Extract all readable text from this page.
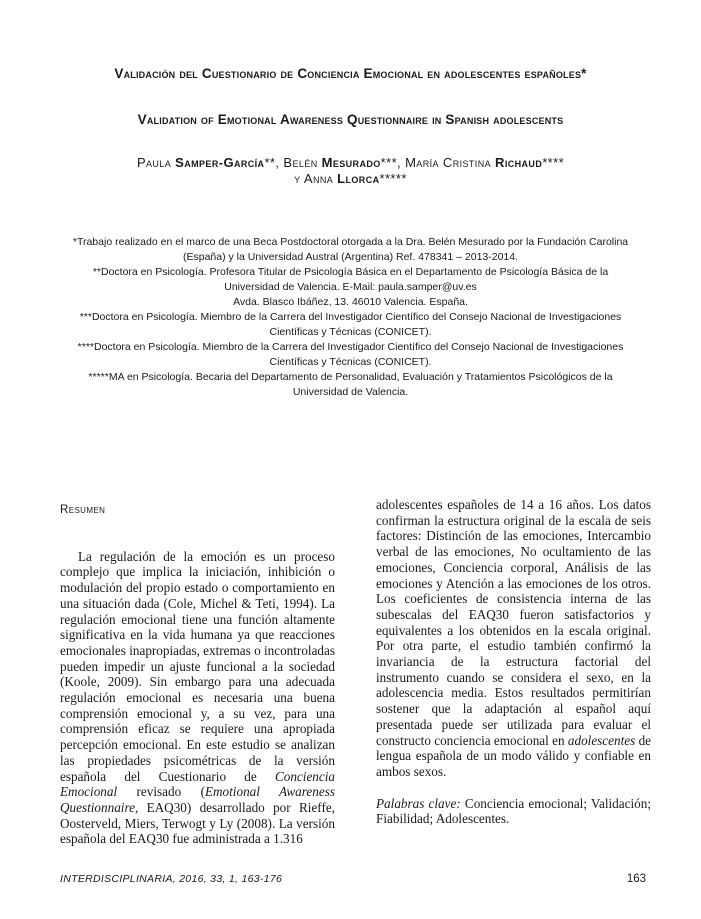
Validación del Cuestionario de Conciencia Emocional en adolescentes españoles*
Validation of Emotional Awareness Questionnaire in Spanish adolescents
Paula Samper-García**, Belén Mesurado***, María Cristina Richaud****
y Anna Llorca*****
*Trabajo realizado en el marco de una Beca Postdoctoral otorgada a la Dra. Belén Mesurado por la Fundación Carolina
(España) y la Universidad Austral (Argentina) Ref. 478341 – 2013-2014.
**Doctora en Psicología. Profesora Titular de Psicología Básica en el Departamento de Psicología Básica de la
Universidad de Valencia. E-Mail: paula.samper@uv.es
Avda. Blasco Ibáñez, 13. 46010 Valencia. España.
***Doctora en Psicología. Miembro de la Carrera del Investigador Científico del Consejo Nacional de Investigaciones
Científicas y Técnicas (CONICET).
****Doctora en Psicología. Miembro de la Carrera del Investigador Científico del Consejo Nacional de Investigaciones
Científicas y Técnicas (CONICET).
*****MA en Psicología. Becaria del Departamento de Personalidad, Evaluación y Tratamientos Psicológicos de la
Universidad de Valencia.
Resumen

La regulación de la emoción es un proceso complejo que implica la iniciación, inhibición o modulación del propio estado o comportamiento en una situación dada (Cole, Michel & Teti, 1994). La regulación emocional tiene una función altamente significativa en la vida humana ya que reacciones emocionales inapropiadas, extremas o incontroladas pueden impedir un ajuste funcional a la sociedad (Koole, 2009). Sin embargo para una adecuada regulación emocional es necesaria una buena comprensión emocional y, a su vez, para una comprensión eficaz se requiere una apropiada percepción emocional. En este estudio se analizan las propiedades psicométricas de la versión española del Cuestionario de Conciencia Emocional revisado (Emotional Awareness Questionnaire, EAQ30) desarrollado por Rieffe, Oosterveld, Miers, Terwogt y Ly (2008). La versión española del EAQ30 fue administrada a 1.316

adolescentes españoles de 14 a 16 años. Los datos confirman la estructura original de la escala de seis factores: Distinción de las emociones, Intercambio verbal de las emociones, No ocultamiento de las emociones, Conciencia corporal, Análisis de las emociones y Atención a las emociones de los otros. Los coeficientes de consistencia interna de las subescalas del EAQ30 fueron satisfactorios y equivalentes a los obtenidos en la escala original. Por otra parte, el estudio también confirmó la invariancia de la estructura factorial del instrumento cuando se considera el sexo, en la adolescencia media. Estos resultados permitirían sostener que la adaptación al español aquí presentada puede ser utilizada para evaluar el constructo conciencia emocional en adolescentes de lengua española de un modo válido y confiable en ambos sexos.

Palabras clave: Conciencia emocional; Validación; Fiabilidad; Adolescentes.

INTERDISCIPLINARIA, 2016, 33, 1, 163-176	163
